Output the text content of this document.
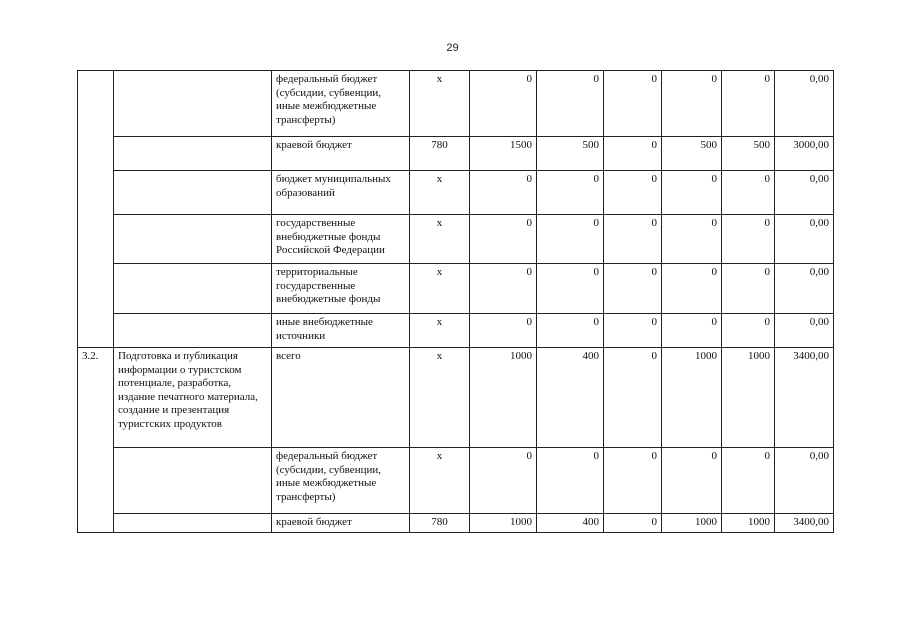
29
		федеральный бюджет (субсидии, субвенции, иные межбюджетные трансферты)	х	0	0	0	0	0	0,00
		краевой бюджет	780	1500	500	0	500	500	3000,00
		бюджет муниципальных образований	х	0	0	0	0	0	0,00
		государственные внебюджетные фонды Российской Федерации	х	0	0	0	0	0	0,00
		территориальные государственные внебюджетные фонды	х	0	0	0	0	0	0,00
		иные внебюджетные источники	х	0	0	0	0	0	0,00
3.2.	Подготовка и публикация информации о туристском потенциале, разработка, издание печатного материала, создание и презентация туристских продуктов	всего	х	1000	400	0	1000	1000	3400,00
		федеральный бюджет (субсидии, субвенции, иные межбюджетные трансферты)	х	0	0	0	0	0	0,00
		краевой бюджет	780	1000	400	0	1000	1000	3400,00
